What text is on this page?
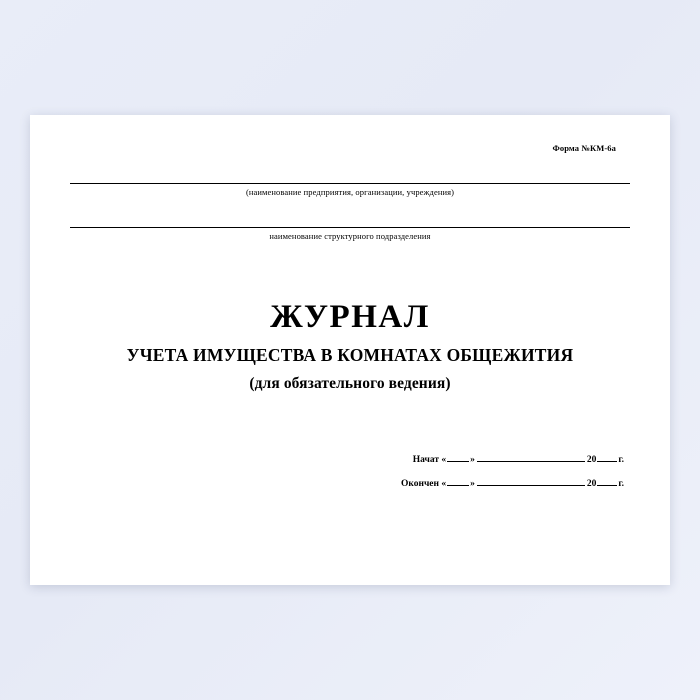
Форма №КМ-6а
(наименование предприятия, организации, учреждения)
наименование структурного подразделения
ЖУРНАЛ
УЧЕТА ИМУЩЕСТВА В КОМНАТАХ ОБЩЕЖИТИЯ
(для обязательного ведения)
Начат «	»	20 г.
Окончен «	»	20 г.
